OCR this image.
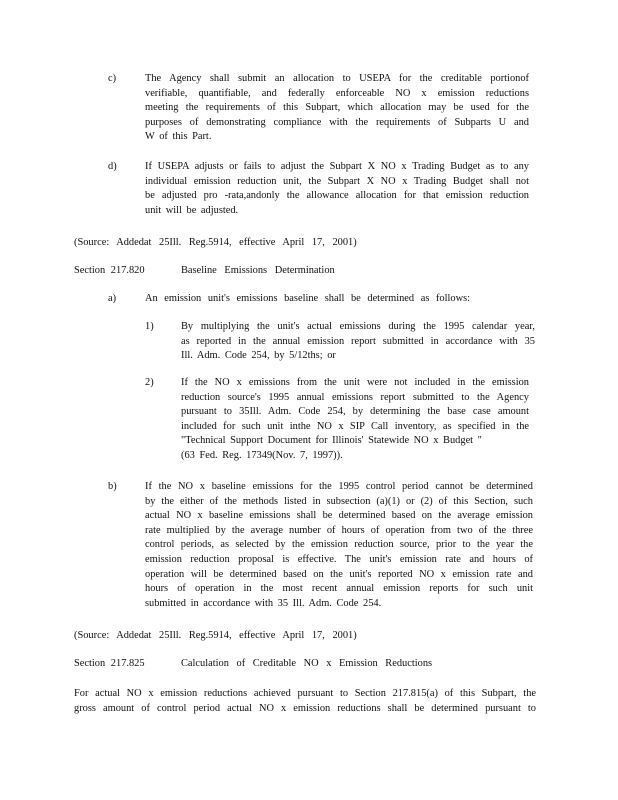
c)	The Agency shall submit an allocation to USEPA for the creditable portionof
verifiable, quantifiable, and federally enforceable NO x emission reductions
meeting the requirements of this Subpart, which allocation may be used for the
purposes of demonstrating compliance with the requirements of Subparts U and
W of this Part.
d)	If USEPA adjusts or fails to adjust the Subpart X NO x Trading Budget as to any
individual emission reduction unit, the Subpart X NO x Trading Budget shall not
be adjusted pro -rata,andonly the allowance allocation for that emission reduction
unit will be adjusted.
(Source: Addedat 25Ill. Reg.5914, effective April 17, 2001)
Section 217.820	Baseline Emissions Determination
a)	An emission unit's emissions baseline shall be determined as follows:
1)	By multiplying the unit's actual emissions during the 1995 calendar year,
as reported in the annual emission report submitted in accordance with 35
Ill. Adm. Code 254, by 5/12ths; or
2)	If the NO x emissions from the unit were not included in the emission
reduction source's 1995 annual emissions report submitted to the Agency
pursuant to 35Ill. Adm. Code 254, by determining the base case amount
included for such unit inthe NO x SIP Call inventory, as specified in the
"Technical Support Document for Illinois' Statewide NO x Budget "
(63 Fed. Reg. 17349(Nov. 7, 1997)).
b)	If the NO x baseline emissions for the 1995 control period cannot be determined
by the either of the methods listed in subsection (a)(1) or (2) of this Section, such
actual NO x baseline emissions shall be determined based on the average emission
rate multiplied by the average number of hours of operation from two of the three
control periods, as selected by the emission reduction source, prior to the year the
emission reduction proposal is effective. The unit's emission rate and hours of
operation will be determined based on the unit's reported NO x emission rate and
hours of operation in the most recent annual emission reports for such unit
submitted in accordance with 35 Ill. Adm. Code 254.
(Source: Addedat 25Ill. Reg.5914, effective April 17, 2001)
Section 217.825	Calculation of Creditable NO x Emission Reductions
For actual NO x emission reductions achieved pursuant to Section 217.815(a) of this Subpart, the
gross amount of control period actual NO x emission reductions shall be determined pursuant to
